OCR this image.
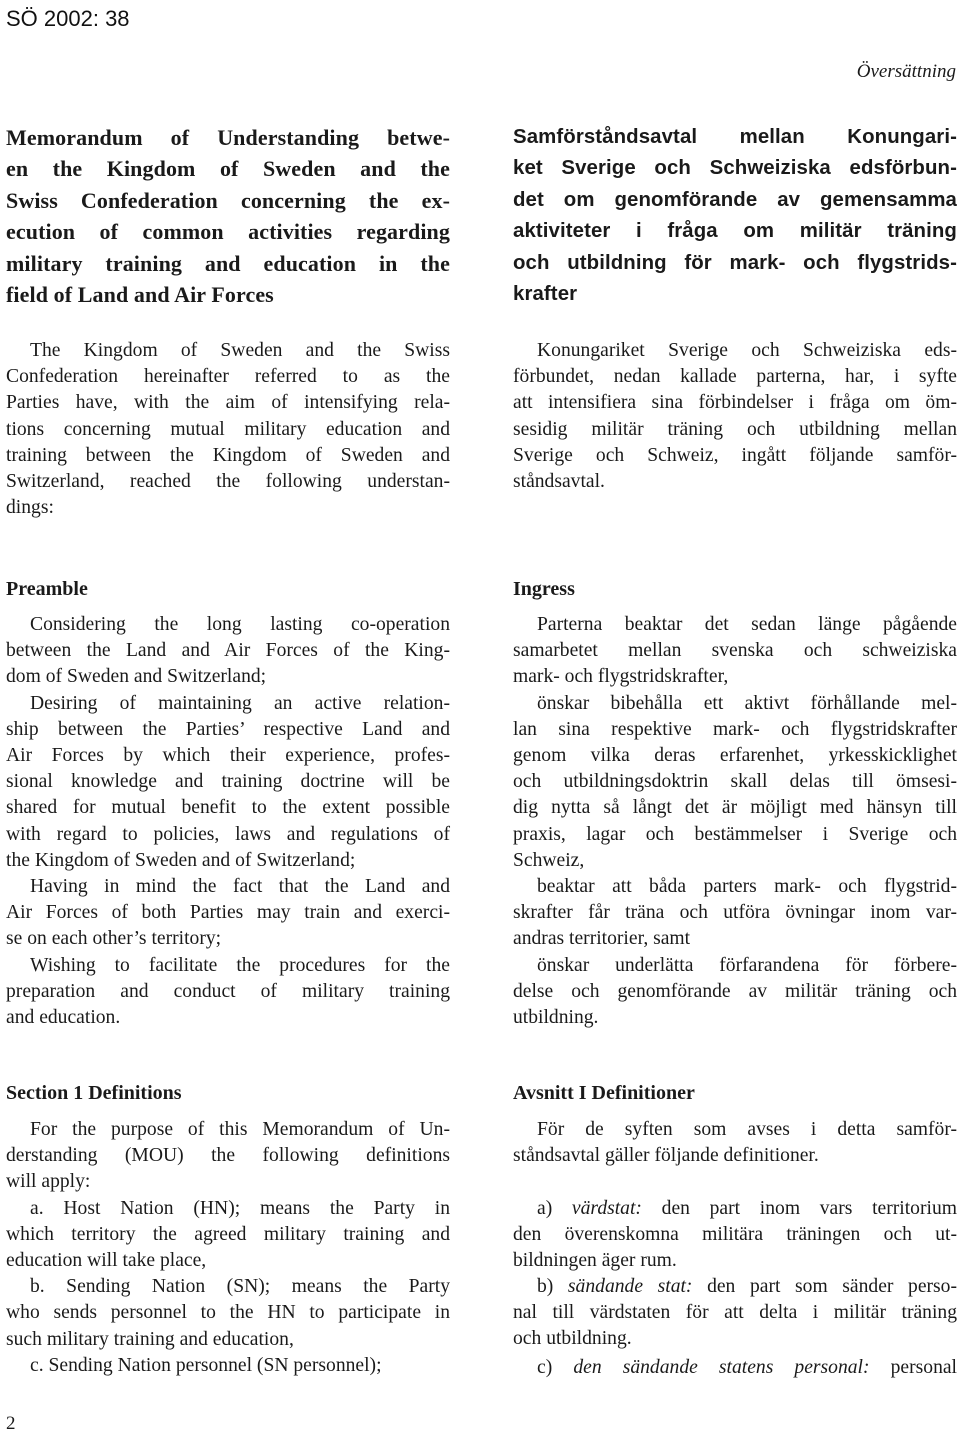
SÖ 2002: 38
Översättning
Memorandum of Understanding betwe-
en the Kingdom of Sweden and the
Swiss Confederation concerning the ex-
ecution of common activities regarding
military training and education in the
field of Land and Air Forces
The Kingdom of Sweden and the Swiss
Confederation hereinafter referred to as the
Parties have, with the aim of intensifying rela-
tions concerning mutual military education and
training between the Kingdom of Sweden and
Switzerland, reached the following understan-
dings:
Preamble
Considering the long lasting co-operation
between the Land and Air Forces of the King-
dom of Sweden and Switzerland;
Desiring of maintaining an active relation-
ship between the Parties’ respective Land and
Air Forces by which their experience, profes-
sional knowledge and training doctrine will be
shared for mutual benefit to the extent possible
with regard to policies, laws and regulations of
the Kingdom of Sweden and of Switzerland;
Having in mind the fact that the Land and
Air Forces of both Parties may train and exerci-
se on each other’s territory;
Wishing to facilitate the procedures for the
preparation and conduct of military training
and education.
Section 1 Definitions
For the purpose of this Memorandum of Un-
derstanding (MOU) the following definitions
will apply:
a. Host Nation (HN); means the Party in
which territory the agreed military training and
education will take place,
b. Sending Nation (SN); means the Party
who sends personnel to the HN to participate in
such military training and education,
c. Sending Nation personnel (SN personnel);
Samförståndsavtal mellan Konungari-
ket Sverige och Schweiziska edsförbun-
det om genomförande av gemensamma
aktiviteter i fråga om militär träning
och utbildning för mark- och flygstrids-
krafter
Konungariket Sverige och Schweiziska eds-
förbundet, nedan kallade parterna, har, i syfte
att intensifiera sina förbindelser i fråga om öm-
sesidig militär träning och utbildning mellan
Sverige och Schweiz, ingått följande samför-
ståndsavtal.
Ingress
Parterna beaktar det sedan länge pågående
samarbetet mellan svenska och schweiziska
mark- och flygstridskrafter,
önskar bibehålla ett aktivt förhållande mel-
lan sina respektive mark- och flygstridskrafter
genom vilka deras erfarenhet, yrkesskicklighet
och utbildningsdoktrin skall delas till ömsesi-
dig nytta så långt det är möjligt med hänsyn till
praxis, lagar och bestämmelser i Sverige och
Schweiz,
beaktar att båda parters mark- och flygstrid-
skrafter får träna och utföra övningar inom var-
andras territorier, samt
önskar underlätta förfarandena för förbere-
delse och genomförande av militär träning och
utbildning.
Avsnitt I Definitioner
För de syften som avses i detta samför-
ståndsavtal gäller följande definitioner.
a) värdstat: den part inom vars territorium
den överenskomna militära träningen och ut-
bildningen äger rum.
b) sändande stat: den part som sänder perso-
nal till värdstaten för att delta i militär träning
och utbildning.
c) den sändande statens personal: personal
2
